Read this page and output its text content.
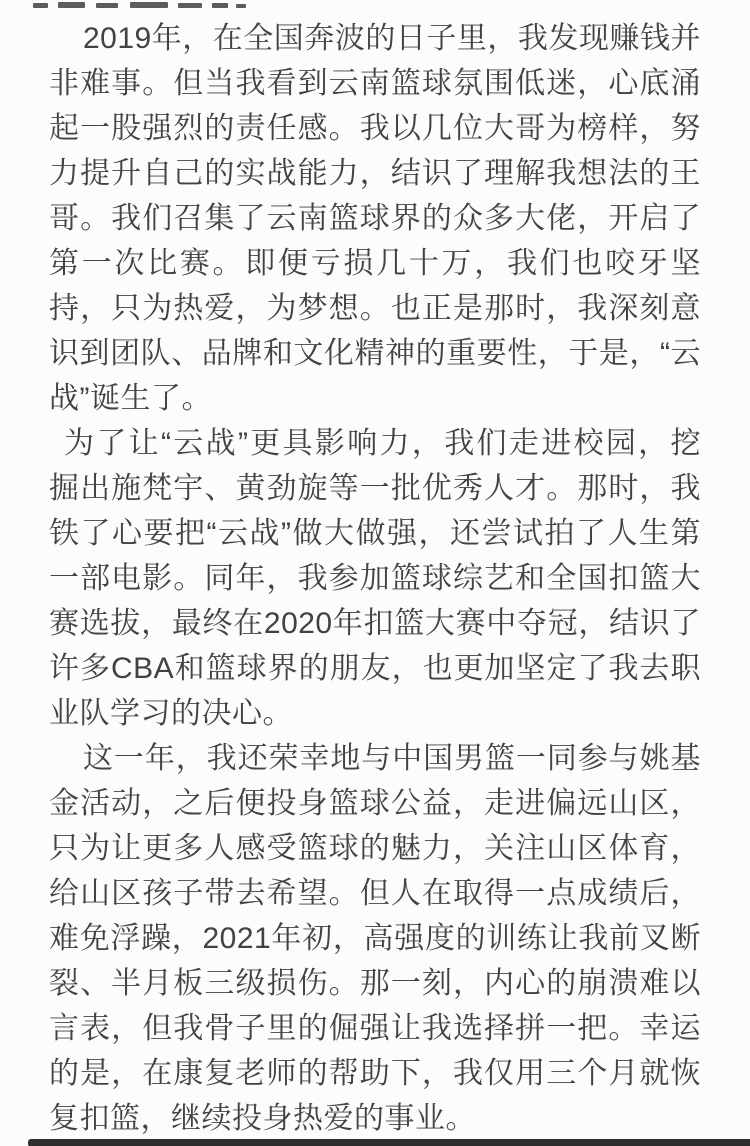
2019年，在全国奔波的日子里，我发现赚钱并
非难事。但当我看到云南篮球氛围低迷，心底涌
起一股强烈的责任感。我以几位大哥为榜样，努
力提升自己的实战能力，结识了理解我想法的王
哥。我们召集了云南篮球界的众多大佬，开启了
第一次比赛。即便亏损几十万，我们也咬牙坚
持，只为热爱，为梦想。也正是那时，我深刻意
识到团队、品牌和文化精神的重要性，于是，“云
战”诞生了。
为了让“云战”更具影响力，我们走进校园，挖
掘出施梵宇、黄劲旋等一批优秀人才。那时，我
铁了心要把“云战”做大做强，还尝试拍了人生第
一部电影。同年，我参加篮球综艺和全国扣篮大
赛选拔，最终在2020年扣篮大赛中夺冠，结识了
许多CBA和篮球界的朋友，也更加坚定了我去职
业队学习的决心。
这一年，我还荣幸地与中国男篮一同参与姚基
金活动，之后便投身篮球公益，走进偏远山区，
只为让更多人感受篮球的魅力，关注山区体育，
给山区孩子带去希望。但人在取得一点成绩后，
难免浮躁，2021年初，高强度的训练让我前叉断
裂、半月板三级损伤。那一刻，内心的崩溃难以
言表，但我骨子里的倔强让我选择拼一把。幸运
的是，在康复老师的帮助下，我仅用三个月就恢
复扣篮，继续投身热爱的事业。
